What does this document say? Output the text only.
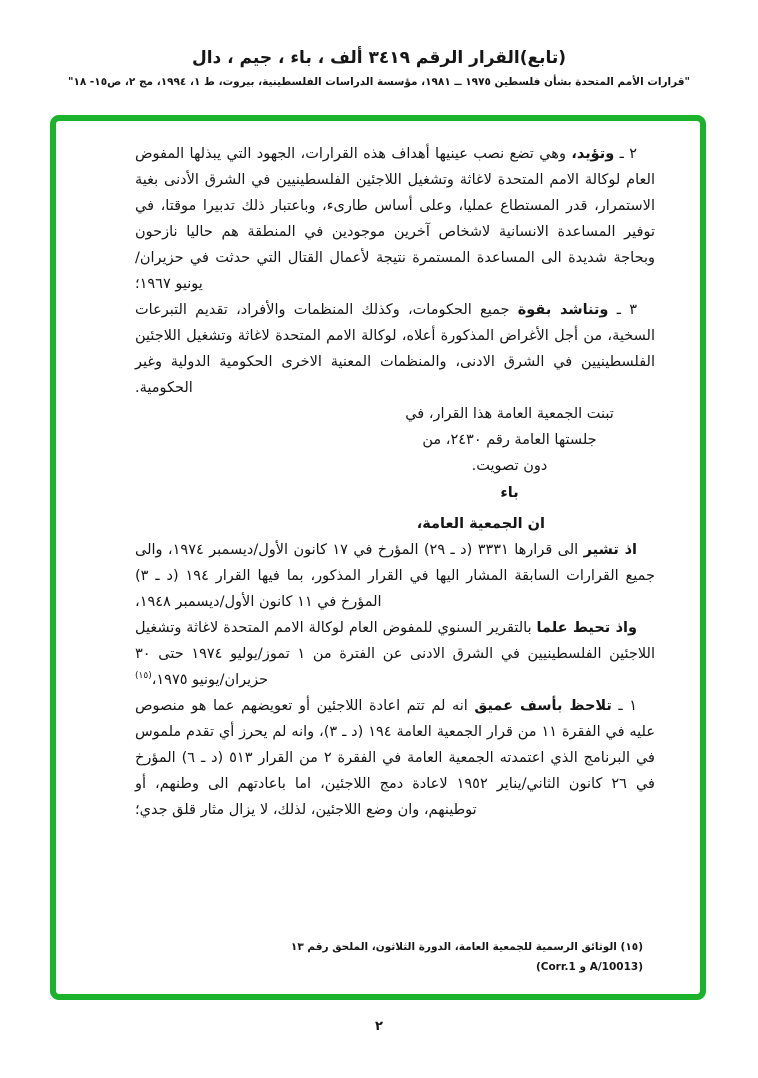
(تابع)القرار الرقم ٣٤١٩ ألف ، باء ، جيم ، دال
"قرارات الأمم المتحدة بشأن فلسطين ١٩٧٥ ــ ١٩٨١، مؤسسة الدراسات الفلسطينية، بيروت، ط ١، ١٩٩٤، مج ٢، ص١٥- ١٨"

٢ ـ وتؤيد، وهي تضع نصب عينيها أهداف هذه القرارات، الجهود التي يبذلها المفوض العام لوكالة الامم المتحدة لاغاثة وتشغيل اللاجئين الفلسطينيين في الشرق الأدنى بغية الاستمرار، قدر المستطاع عمليا، وعلى أساس طارىء، وباعتبار ذلك تدبيرا موقتا، في توفير المساعدة الانسانية لاشخاص آخرين موجودين في المنطقة هم حاليا نازحون وبحاجة شديدة الى المساعدة المستمرة نتيجة لأعمال القتال التي حدثت في حزيران/يونيو ١٩٦٧؛

٣ ـ وتناشد بقوة جميع الحكومات، وكذلك المنظمات والأفراد، تقديم التبرعات السخية، من أجل الأغراض المذكورة أعلاه، لوكالة الامم المتحدة لاغاثة وتشغيل اللاجئين الفلسطينيين في الشرق الادنى، والمنظمات المعنية الاخرى الحكومية الدولية وغير الحكومية.

تبنت الجمعية العامة هذا القرار، في
جلستها العامة رقم ٢٤٣٠، من
دون تصويت.
باء
ان الجمعية العامة،

اذ تشير الى قرارها ٣٣٣١ (د ـ ٢٩) المؤرخ في ١٧ كانون الأول/ديسمبر ١٩٧٤، والى جميع القرارات السابقة المشار اليها في القرار المذكور، بما فيها القرار ١٩٤ (د ـ ٣) المؤرخ في ١١ كانون الأول/ديسمبر ١٩٤٨،

واذ تحيط علما بالتقرير السنوي للمفوض العام لوكالة الامم المتحدة لاغاثة وتشغيل اللاجئين الفلسطينيين في الشرق الادنى عن الفترة من ١ تموز/يوليو ١٩٧٤ حتى ٣٠ حزيران/يونيو ١٩٧٥،$^{(١٥)}$

١ ـ تلاحظ بأسف عميق انه لم تتم اعادة اللاجئين أو تعويضهم عما هو منصوص عليه في الفقرة ١١ من قرار الجمعية العامة ١٩٤ (د ـ ٣)، وانه لم يحرز أي تقدم ملموس في البرنامج الذي اعتمدته الجمعية العامة في الفقرة ٢ من القرار ٥١٣ (د ـ ٦) المؤرخ في ٢٦ كانون الثاني/يناير ١٩٥٢ لاعادة دمج اللاجئين، اما باعادتهم الى وطنهم، أو توطينهم، وان وضع اللاجئين، لذلك، لا يزال مثار قلق جدي؛

(١٥) الوثائق الرسمية للجمعية العامة، الدورة الثلاثون، الملحق رقم ١٣
(A/10013 و Corr.1)
٢
